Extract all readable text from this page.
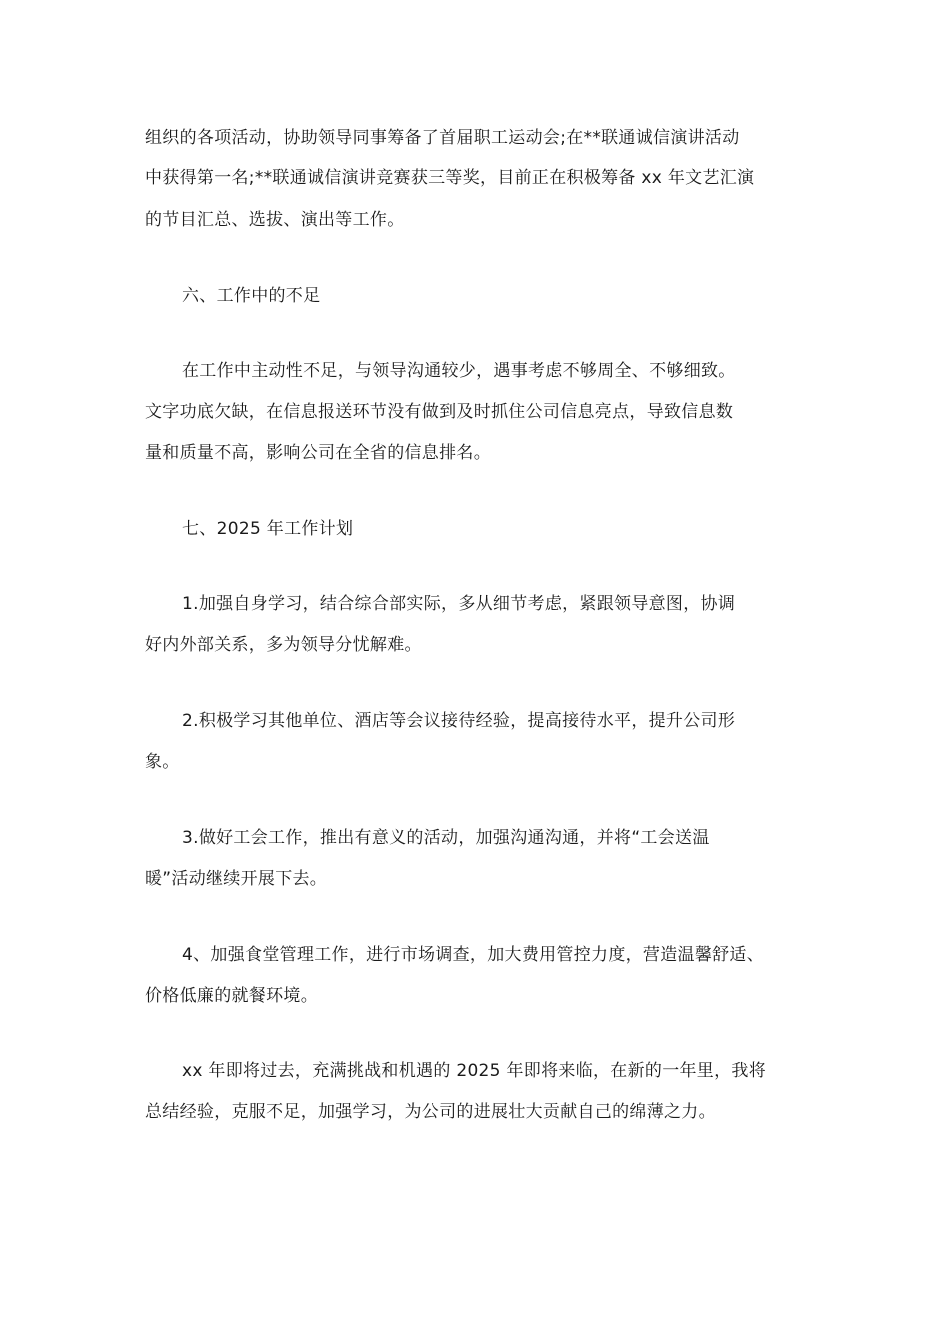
组织的各项活动，协助领导同事筹备了首届职工运动会;在**联通诚信演讲活动
中获得第一名;**联通诚信演讲竞赛获三等奖，目前正在积极筹备 xx 年文艺汇演
的节目汇总、选拔、演出等工作。
六、工作中的不足
在工作中主动性不足，与领导沟通较少，遇事考虑不够周全、不够细致。
文字功底欠缺，在信息报送环节没有做到及时抓住公司信息亮点，导致信息数
量和质量不高，影响公司在全省的信息排名。
七、2025 年工作计划
1.加强自身学习，结合综合部实际，多从细节考虑，紧跟领导意图，协调
好内外部关系，多为领导分忧解难。
2.积极学习其他单位、酒店等会议接待经验，提高接待水平，提升公司形
象。
3.做好工会工作，推出有意义的活动，加强沟通沟通，并将“工会送温
暖”活动继续开展下去。
4、加强食堂管理工作，进行市场调查，加大费用管控力度，营造温馨舒适、
价格低廉的就餐环境。
xx 年即将过去，充满挑战和机遇的 2025 年即将来临，在新的一年里，我将
总结经验，克服不足，加强学习，为公司的进展壮大贡献自己的绵薄之力。
